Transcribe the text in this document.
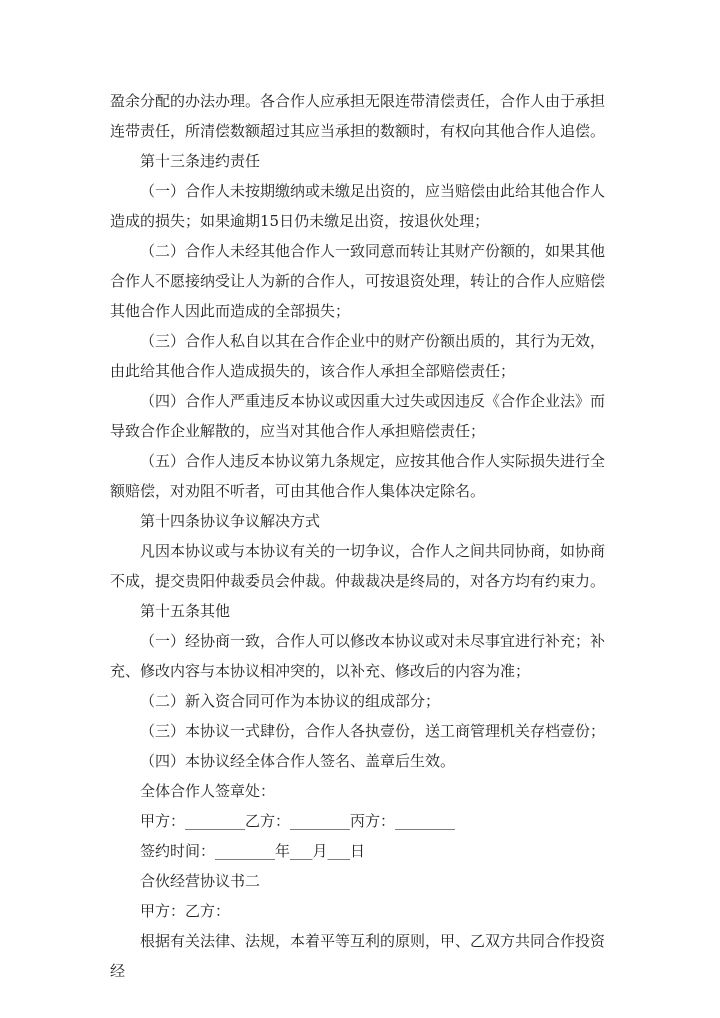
盈余分配的办法办理。各合作人应承担无限连带清偿责任，合作人由于承担连带责任，所清偿数额超过其应当承担的数额时，有权向其他合作人追偿。

第十三条违约责任

（一）合作人未按期缴纳或未缴足出资的，应当赔偿由此给其他合作人造成的损失；如果逾期15日仍未缴足出资，按退伙处理；

（二）合作人未经其他合作人一致同意而转让其财产份额的，如果其他合作人不愿接纳受让人为新的合作人，可按退资处理，转让的合作人应赔偿其他合作人因此而造成的全部损失；

（三）合作人私自以其在合作企业中的财产份额出质的，其行为无效，由此给其他合作人造成损失的，该合作人承担全部赔偿责任；

（四）合作人严重违反本协议或因重大过失或因违反《合作企业法》而导致合作企业解散的，应当对其他合作人承担赔偿责任；

（五）合作人违反本协议第九条规定，应按其他合作人实际损失进行全额赔偿，对劝阻不听者，可由其他合作人集体决定除名。

第十四条协议争议解决方式

凡因本协议或与本协议有关的一切争议，合作人之间共同协商，如协商不成，提交贵阳仲裁委员会仲裁。仲裁裁决是终局的，对各方均有约束力。

第十五条其他

（一）经协商一致，合作人可以修改本协议或对未尽事宜进行补充；补充、修改内容与本协议相冲突的，以补充、修改后的内容为准；

（二）新入资合同可作为本协议的组成部分；

（三）本协议一式肆份，合作人各执壹份，送工商管理机关存档壹份；

（四）本协议经全体合作人签名、盖章后生效。

全体合作人签章处：

甲方：________乙方：________丙方：________

签约时间：________年___月___日

合伙经营协议书二

甲方：乙方：

根据有关法律、法规，本着平等互利的原则，甲、乙双方共同合作投资经
